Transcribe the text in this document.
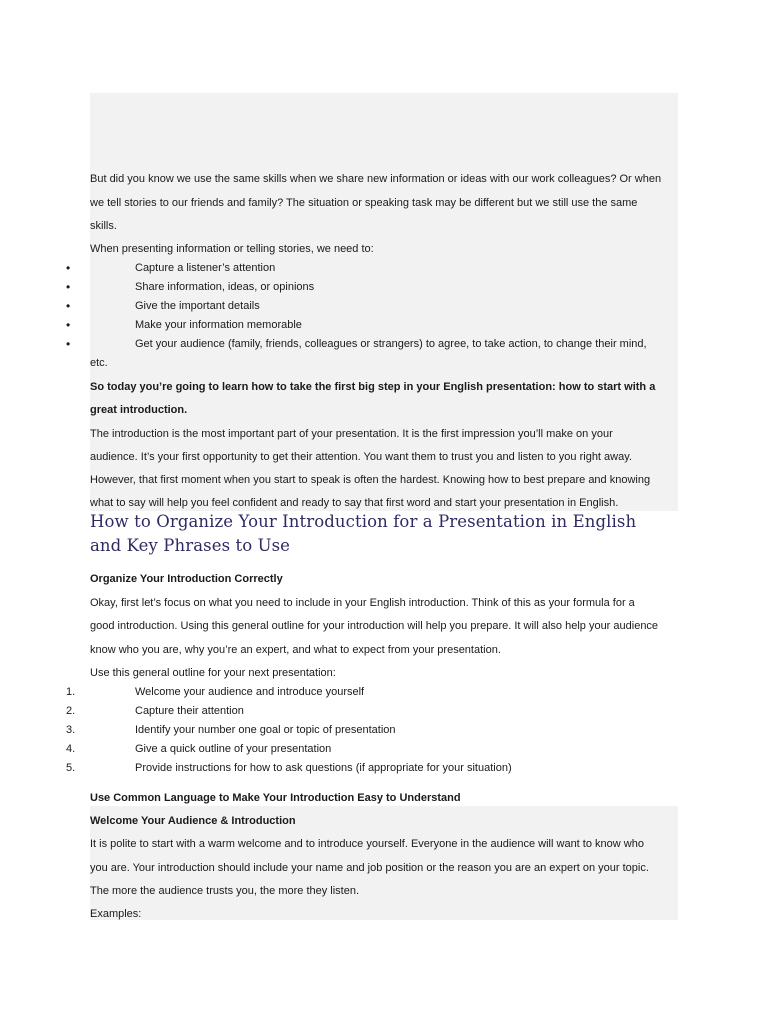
But did you know we use the same skills when we share new information or ideas with our work colleagues? Or when
we tell stories to our friends and family? The situation or speaking task may be different but we still use the same
skills.
When presenting information or telling stories, we need to:
•	Capture a listener’s attention
•	Share information, ideas, or opinions
•	Give the important details
•	Make your information memorable
•	Get your audience (family, friends, colleagues or strangers) to agree, to take action, to change their mind,
etc.
So today you’re going to learn how to take the first big step in your English presentation: how to start with a
great introduction.
The introduction is the most important part of your presentation. It is the first impression you’ll make on your
audience. It’s your first opportunity to get their attention. You want them to trust you and listen to you right away.
However, that first moment when you start to speak is often the hardest. Knowing how to best prepare and knowing
what to say will help you feel confident and ready to say that first word and start your presentation in English.
How to Organize Your Introduction for a Presentation in English
and Key Phrases to Use
Organize Your Introduction Correctly
Okay, first let’s focus on what you need to include in your English introduction. Think of this as your formula for a
good introduction. Using this general outline for your introduction will help you prepare. It will also help your audience
know who you are, why you’re an expert, and what to expect from your presentation.
Use this general outline for your next presentation:
1.	Welcome your audience and introduce yourself
2.	Capture their attention
3.	Identify your number one goal or topic of presentation
4.	Give a quick outline of your presentation
5.	Provide instructions for how to ask questions (if appropriate for your situation)
Use Common Language to Make Your Introduction Easy to Understand
Welcome Your Audience & Introduction
It is polite to start with a warm welcome and to introduce yourself. Everyone in the audience will want to know who
you are. Your introduction should include your name and job position or the reason you are an expert on your topic.
The more the audience trusts you, the more they listen.
Examples:
